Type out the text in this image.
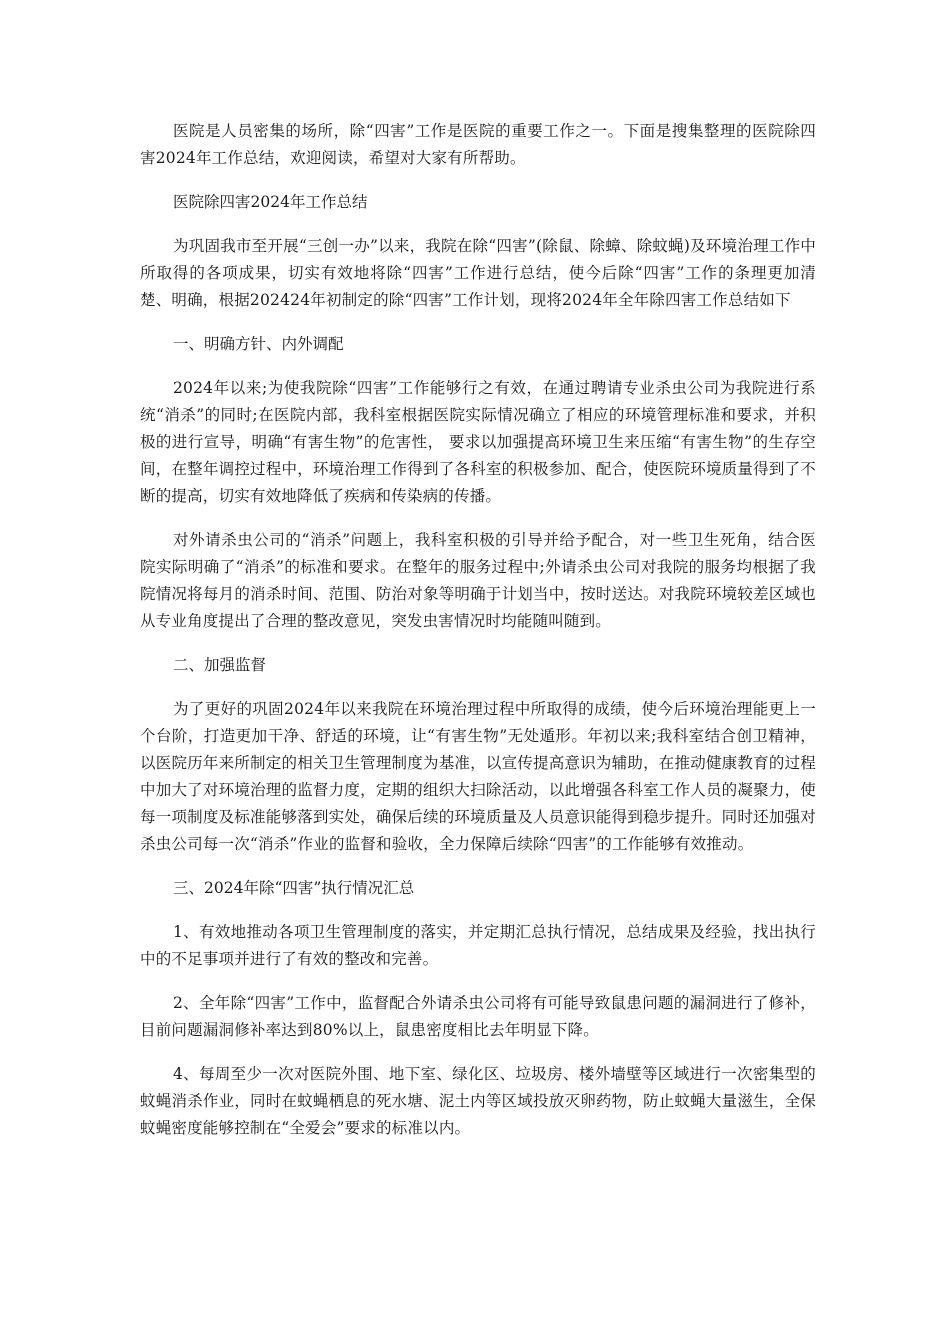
医院是人员密集的场所，除“四害”工作是医院的重要工作之一。下面是搜集整理的医院除四害2024年工作总结，欢迎阅读，希望对大家有所帮助。

医院除四害2024年工作总结

为巩固我市至开展“三创一办”以来，我院在除“四害”(除鼠、除蟑、除蚊蝇)及环境治理工作中所取得的各项成果，切实有效地将除“四害”工作进行总结，使今后除“四害”工作的条理更加清楚、明确，根据202424年初制定的除“四害”工作计划，现将2024年全年除四害工作总结如下

一、明确方针、内外调配

2024年以来;为使我院除“四害”工作能够行之有效，在通过聘请专业杀虫公司为我院进行系统“消杀”的同时;在医院内部，我科室根据医院实际情况确立了相应的环境管理标准和要求，并积极的进行宣导，明确“有害生物”的危害性， 要求以加强提高环境卫生来压缩“有害生物”的生存空间，在整年调控过程中，环境治理工作得到了各科室的积极参加、配合，使医院环境质量得到了不断的提高，切实有效地降低了疾病和传染病的传播。

对外请杀虫公司的“消杀”问题上，我科室积极的引导并给予配合，对一些卫生死角，结合医院实际明确了“消杀”的标准和要求。在整年的服务过程中;外请杀虫公司对我院的服务均根据了我院情况将每月的消杀时间、范围、防治对象等明确于计划当中，按时送达。对我院环境较差区域也从专业角度提出了合理的整改意见，突发虫害情况时均能随叫随到。

二、加强监督

为了更好的巩固2024年以来我院在环境治理过程中所取得的成绩，使今后环境治理能更上一个台阶，打造更加干净、舒适的环境，让“有害生物”无处遁形。年初以来;我科室结合创卫精神，以医院历年来所制定的相关卫生管理制度为基准，以宣传提高意识为辅助，在推动健康教育的过程中加大了对环境治理的监督力度，定期的组织大扫除活动，以此增强各科室工作人员的凝聚力，使每一项制度及标准能够落到实处，确保后续的环境质量及人员意识能得到稳步提升。同时还加强对杀虫公司每一次“消杀”作业的监督和验收，全力保障后续除“四害”的工作能够有效推动。

三、2024年除“四害”执行情况汇总

1、有效地推动各项卫生管理制度的落实，并定期汇总执行情况，总结成果及经验，找出执行中的不足事项并进行了有效的整改和完善。

2、全年除“四害”工作中，监督配合外请杀虫公司将有可能导致鼠患问题的漏洞进行了修补，目前问题漏洞修补率达到80%以上，鼠患密度相比去年明显下降。

4、每周至少一次对医院外围、地下室、绿化区、垃圾房、楼外墙壁等区域进行一次密集型的蚊蝇消杀作业，同时在蚊蝇栖息的死水塘、泥土内等区域投放灭卵药物，防止蚊蝇大量滋生，全保蚊蝇密度能够控制在“全爱会”要求的标准以内。
